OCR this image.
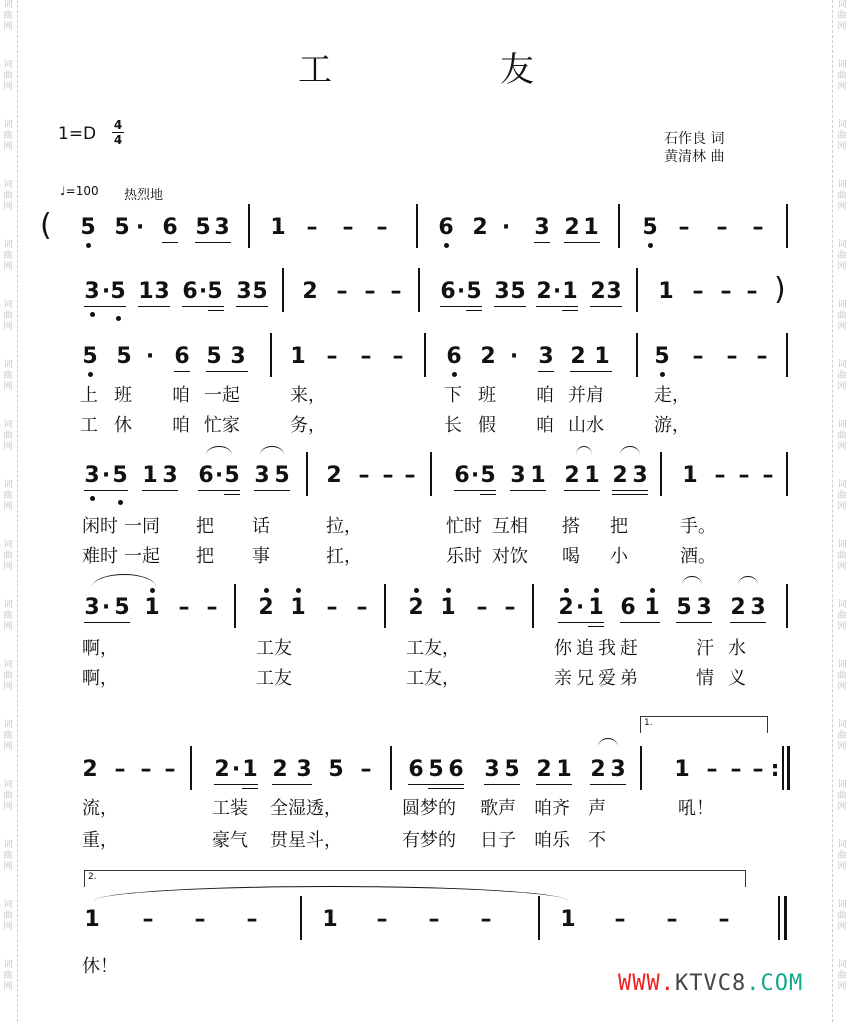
词
曲
网
词
曲
网
词
曲
网
词
曲
网
词
曲
网
词
曲
网
词
曲
网
词
曲
网
词
曲
网
词
曲
网
词
曲
网
词
曲
网
词
曲
网
词
曲
网
词
曲
网
词
曲
网
词
曲
网
词
曲
网
词
曲
网
词
曲
网
词
曲
网
词
曲
网
词
曲
网
词
曲
网
词
曲
网
词
曲
网
词
曲
网
词
曲
网
词
曲
网
词
曲
网
词
曲
网
词
曲
网
词
曲
网
词
曲
网
工	友
1=D 4
4	石作良 词
黄清林 曲
♩=100 热烈地
( 5 5 · 6 5 3 1 – – – 6 2 ·	3 2 1 5 – – –
3 · 5 1 3 6 · 5 3 5 2 – – – 6 · 5 3 5 2 · 1 2 3 1 – – – )
5 5 · 6 5 3 1 – – – 6 2 · 3 2 1 5 – – –
上 班 咱 一起	来，	下 班 咱 并肩	走，
工 休 咱 忙家	务，	长 假 咱 山水	游，
3 · 5 1 3 6 · 5 3 5 2 – – – 6 · 5 3 1 2 1 2 3 1 – – –
闲时 一同 把 话	拉，	忙时 互相 搭 把	手。
难时 一起 把 事	扛，	乐时 对饮 喝 小	酒。
3 · 5 1 – – 2 1 – – 2 1 – – 2 · 1 6 1 5 3 2 3
啊，	工友	工友，	你追我赶	汗 水
啊，	工友	工友，	亲兄爱弟	情 义
1.
2 – – – 2 · 1 2 3 5 – 6 5 6 3 5 2 1 2 3 1 – – – :
流，	工装 全湿透，	圆梦的 歌声 咱齐 声	吼！
重，	豪气 贯星斗，	有梦的 日子 咱乐 不
2.
1 – – –	1 – – –	1 – – –
休！
WWW.KTVC8.COM
